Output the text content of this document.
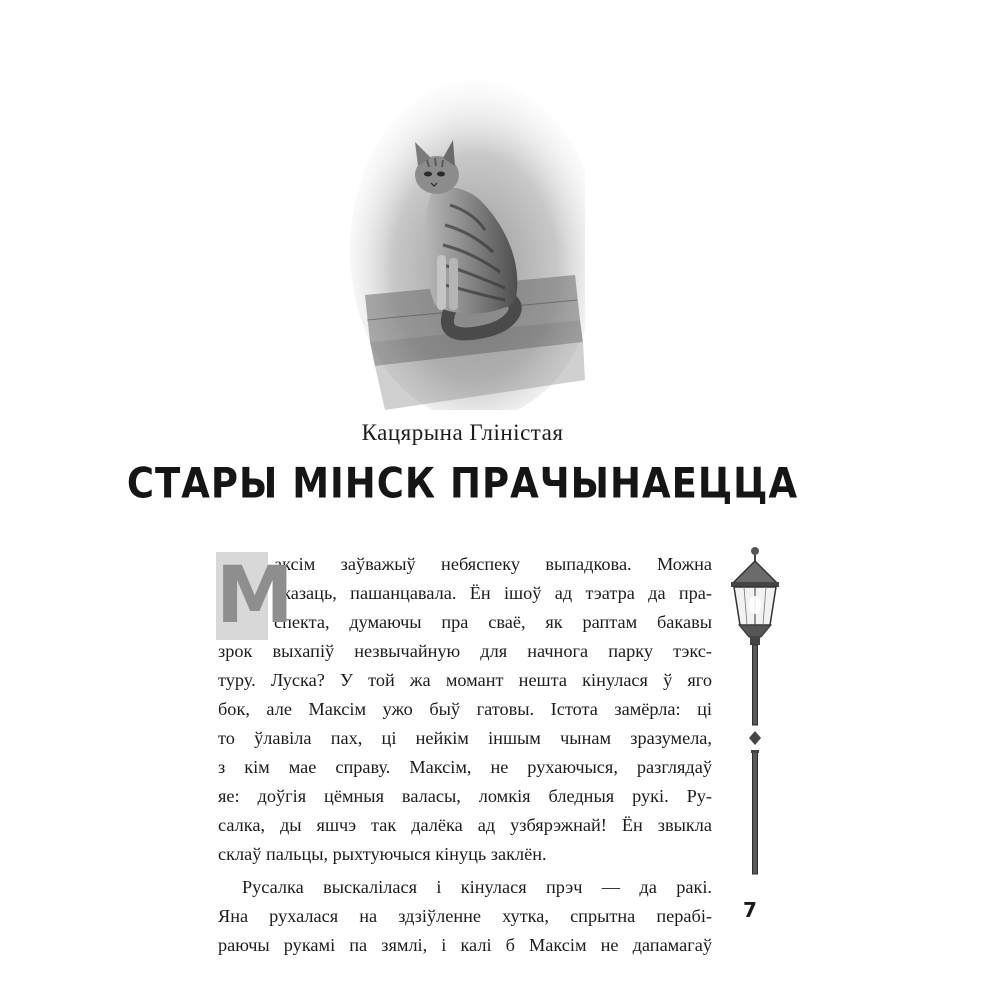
Кацярына Гліністая
СТАРЫ МІНСК ПРАЧЫНАЕЦЦА
М
аксім заўважыў небяспеку выпадкова. Можна
сказаць, пашанцавала. Ён ішоў ад тэатра да пра-
спекта, думаючы пра сваё, як раптам бакавы
зрок выхапіў незвычайную для начнога парку тэкс-
туру. Луска? У той жа момант нешта кінулася ў яго
бок, але Максім ужо быў гатовы. Істота замёрла: ці
то ўлавіла пах, ці нейкім іншым чынам зразумела,
з кім мае справу. Максім, не рухаючыся, разглядаў
яе: доўгія цёмныя валасы, ломкія бледныя рукі. Ру-
салка, ды яшчэ так далёка ад узбярэжнай! Ён звыкла
склаў пальцы, рыхтуючыся кінуць заклён.
Русалка выскалілася і кінулася прэч — да ракі.
Яна рухалася на здзіўленне хутка, спрытна перабі-
раючы рукамі па зямлі, і калі б Максім не дапамагаў
7
